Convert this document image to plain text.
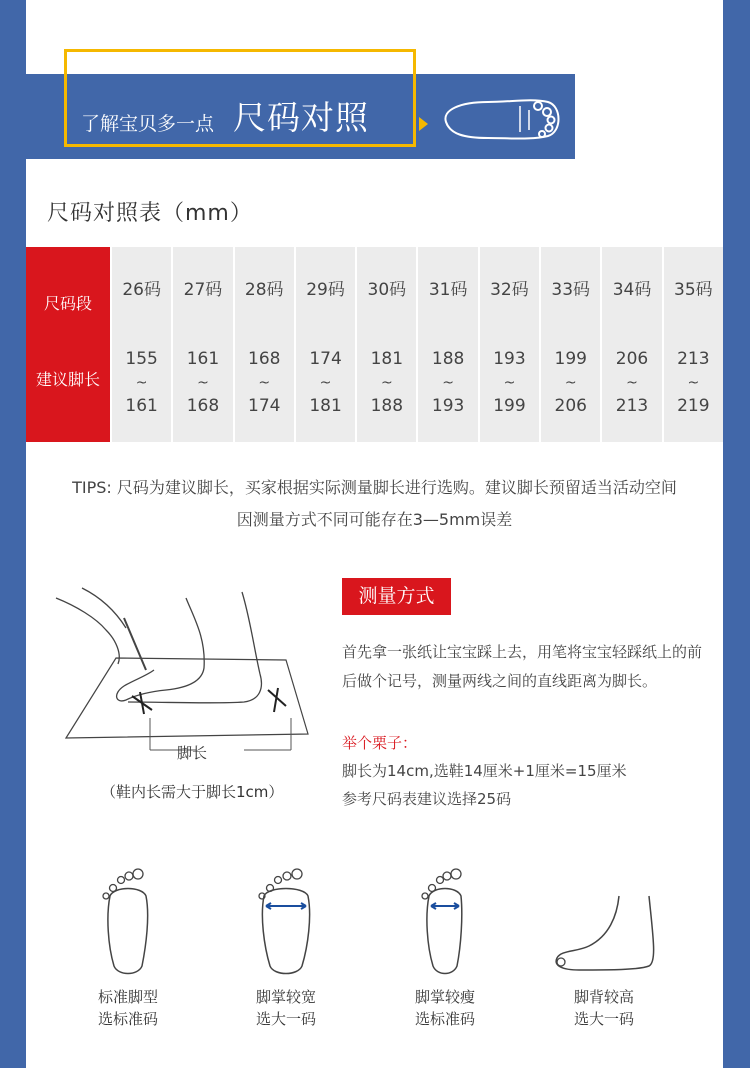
了解宝贝多一点 尺码对照
尺码对照表（mm）
尺码段
建议脚长
26码
155
~
161
27码
161
~
168
28码
168
~
174
29码
174
~
181
30码
181
~
188
31码
188
~
193
32码
193
~
199
33码
199
~
206
34码
206
~
213
35码
213
~
219
TIPS: 尺码为建议脚长，买家根据实际测量脚长进行选购。建议脚长预留适当活动空间
因测量方式不同可能存在3—5mm误差
脚长
（鞋内长需大于脚长1cm）
测量方式
首先拿一张纸让宝宝踩上去，用笔将宝宝轻踩纸上的前后做个记号，测量两线之间的直线距离为脚长。
举个栗子：
脚长为14cm,选鞋14厘米+1厘米=15厘米
参考尺码表建议选择25码
标准脚型
选标准码
脚掌较宽
选大一码
脚掌较瘦
选标准码
脚背较高
选大一码
